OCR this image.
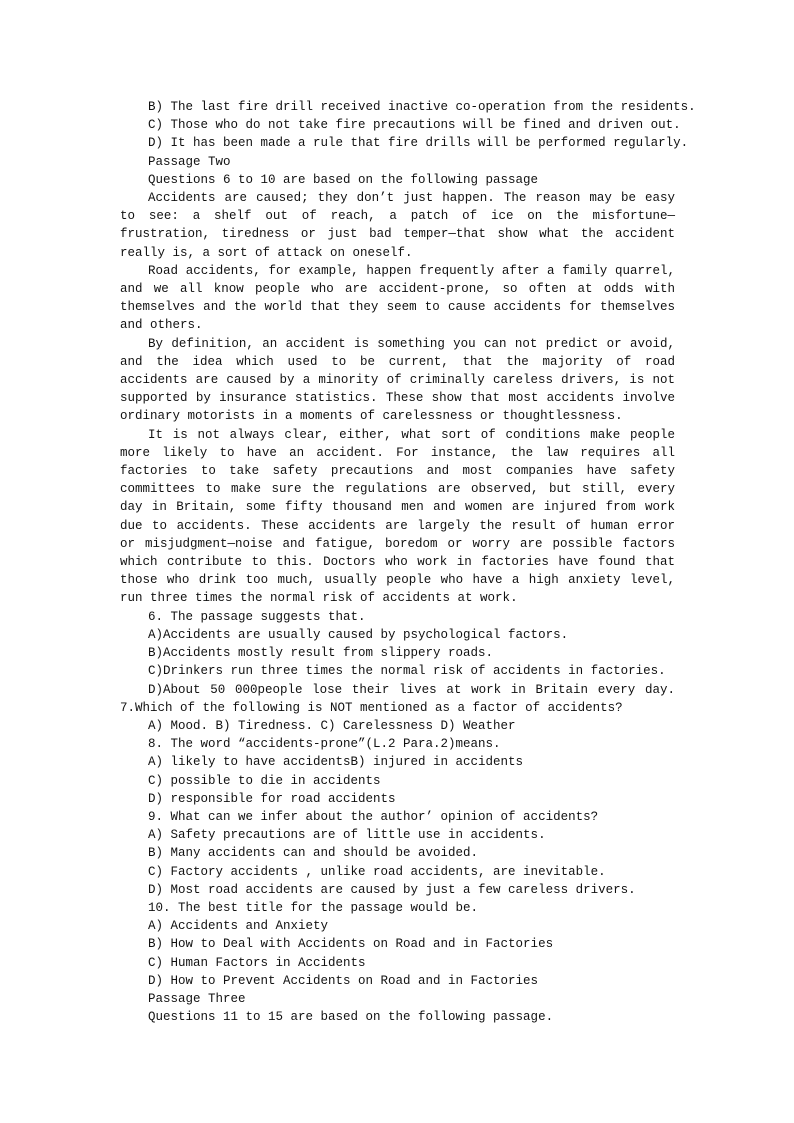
B) The last fire drill received inactive co-operation from the residents.
C) Those who do not take fire precautions will be fined and driven out.
D) It has been made a rule that fire drills will be performed regularly.
Passage Two
Questions 6 to 10 are based on the following passage

Accidents are caused; they don’t just happen. The reason may be easy to see: a shelf out of reach, a patch of ice on the misfortune—frustration, tiredness or just bad temper—that show what the accident really is, a sort of attack on oneself.

Road accidents, for example, happen frequently after a family quarrel, and we all know people who are accident-prone, so often at odds with themselves and the world that they seem to cause accidents for themselves and others.

By definition, an accident is something you can not predict or avoid, and the idea which used to be current, that the majority of road accidents are caused by a minority of criminally careless drivers, is not supported by insurance statistics. These show that most accidents involve ordinary motorists in a moments of carelessness or thoughtlessness.

It is not always clear, either, what sort of conditions make people more likely to have an accident. For instance, the law requires all factories to take safety precautions and most companies have safety committees to make sure the regulations are observed, but still, every day in Britain, some fifty thousand men and women are injured from work due to accidents. These accidents are largely the result of human error or misjudgment—noise and fatigue, boredom or worry are possible factors which contribute to this. Doctors who work in factories have found that those who drink too much, usually people who have a high anxiety level, run three times the normal risk of accidents at work.

6. The passage suggests that.
A)Accidents are usually caused by psychological factors.
B)Accidents mostly result from slippery roads.
C)Drinkers run three times the normal risk of accidents in factories.
D)About 50 000people lose their lives at work in Britain every day.
7.Which of the following is NOT mentioned as a factor of accidents?
A) Mood. B) Tiredness. C) Carelessness D) Weather
8. The word “accidents-prone”(L.2 Para.2)means.
A) likely to have accidentsB) injured in accidents
C) possible to die in accidents
D) responsible for road accidents
9. What can we infer about the author’ opinion of accidents?
A) Safety precautions are of little use in accidents.
B) Many accidents can and should be avoided.
C) Factory accidents , unlike road accidents, are inevitable.
D) Most road accidents are caused by just a few careless drivers.
10. The best title for the passage would be.
A) Accidents and Anxiety
B) How to Deal with Accidents on Road and in Factories
C) Human Factors in Accidents
D) How to Prevent Accidents on Road and in Factories
Passage Three
Questions 11 to 15 are based on the following passage.
